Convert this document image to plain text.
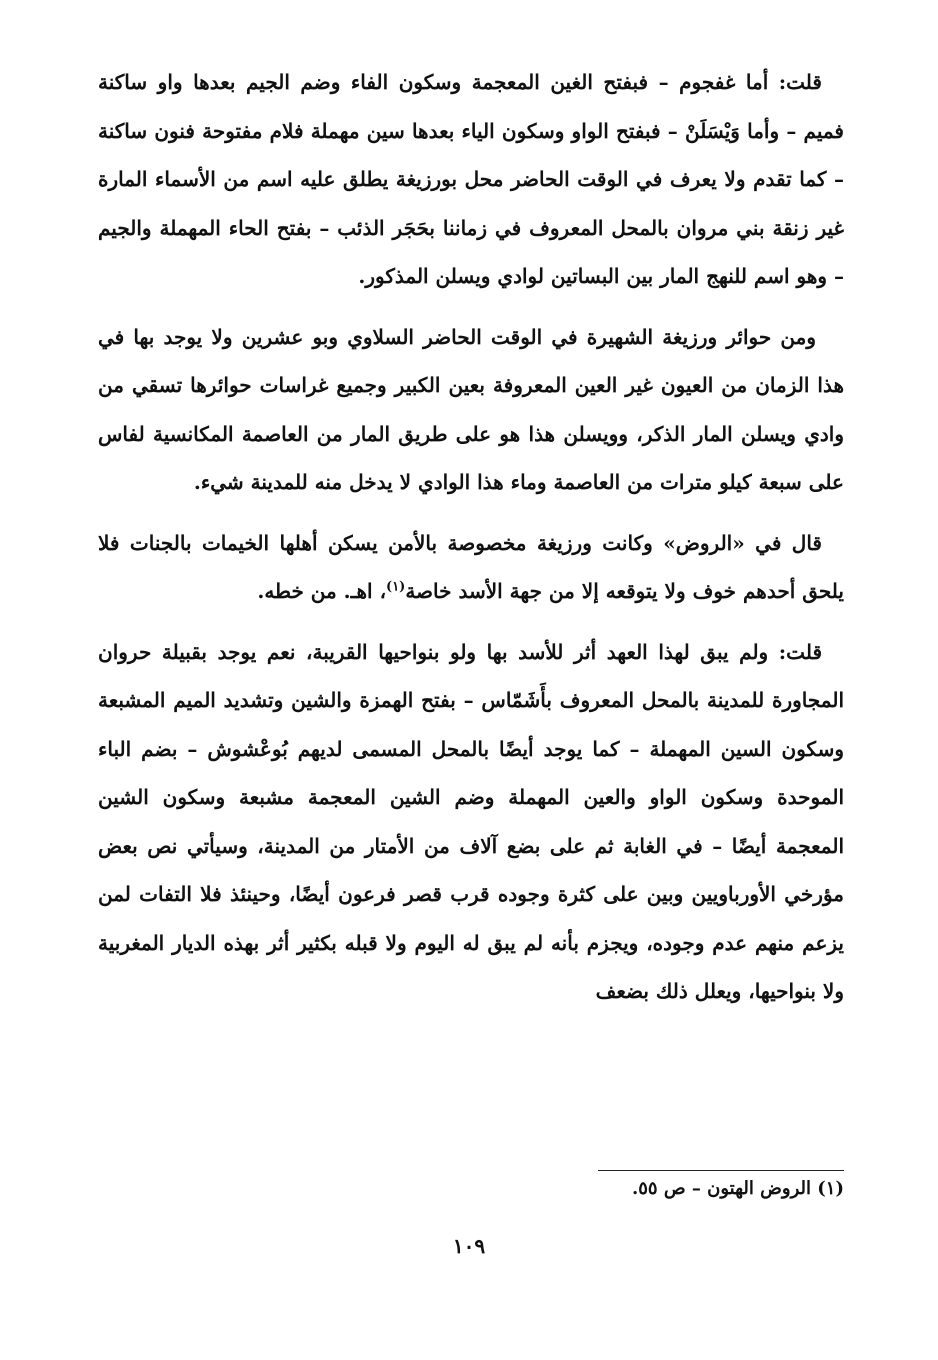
قلت: أما غفجوم – فبفتح الغين المعجمة وسكون الفاء وضم الجيم بعدها واو ساكنة فميم – وأما وَيْسَلَنْ – فبفتح الواو وسكون الياء بعدها سين مهملة فلام مفتوحة فنون ساكنة – كما تقدم ولا يعرف في الوقت الحاضر محل بورزيغة يطلق عليه اسم من الأسماء المارة غير زنقة بني مروان بالمحل المعروف في زماننا بحَجَر الذئب – بفتح الحاء المهملة والجيم – وهو اسم للنهج المار بين البساتين لوادي ويسلن المذكور.

ومن حوائر ورزيغة الشهيرة في الوقت الحاضر السلاوي وبو عشرين ولا يوجد بها في هذا الزمان من العيون غير العين المعروفة بعين الكبير وجميع غراسات حوائرها تسقي من وادي ويسلن المار الذكر، وويسلن هذا هو على طريق المار من العاصمة المكانسية لفاس على سبعة كيلو مترات من العاصمة وماء هذا الوادي لا يدخل منه للمدينة شيء.

قال في «الروض» وكانت ورزيغة مخصوصة بالأمن يسكن أهلها الخيمات بالجنات فلا يلحق أحدهم خوف ولا يتوقعه إلا من جهة الأسد خاصة$^{(١)}$، اهـ. من خطه.

قلت: ولم يبق لهذا العهد أثر للأسد بها ولو بنواحيها القريبة، نعم يوجد بقبيلة حروان المجاورة للمدينة بالمحل المعروف بأَشَمّاس – بفتح الهمزة والشين وتشديد الميم المشبعة وسكون السين المهملة – كما يوجد أيضًا بالمحل المسمى لديهم بُوعْشوش – بضم الباء الموحدة وسكون الواو والعين المهملة وضم الشين المعجمة مشبعة وسكون الشين المعجمة أيضًا – في الغابة ثم على بضع آلاف من الأمتار من المدينة، وسيأتي نص بعض مؤرخي الأورباويين وبين على كثرة وجوده قرب قصر فرعون أيضًا، وحينئذ فلا التفات لمن يزعم منهم عدم وجوده، ويجزم بأنه لم يبق له اليوم ولا قبله بكثير أثر بهذه الديار المغربية ولا بنواحيها، ويعلل ذلك بضعف

(١) الروض الهتون – ص ٥٥.
١٠٩
